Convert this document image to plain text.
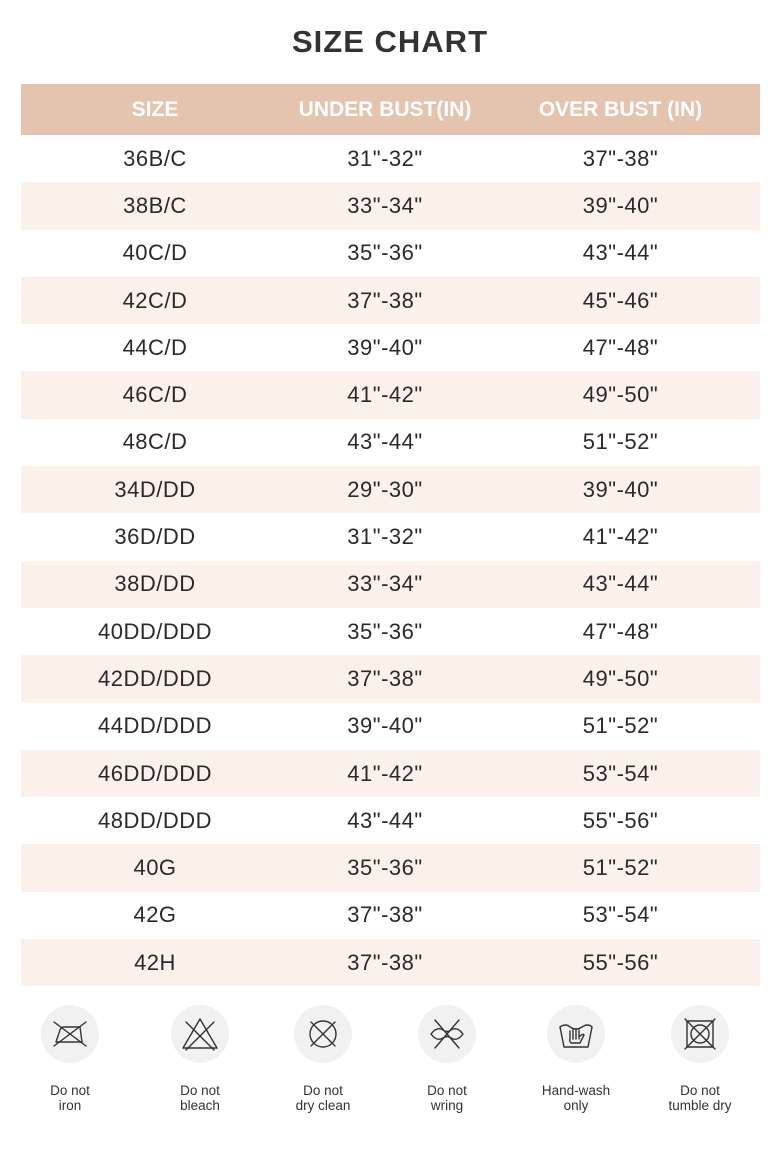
SIZE CHART
SIZE	UNDER BUST(IN)	OVER BUST (IN)
36B/C	31"-32"	37"-38"
38B/C	33"-34"	39"-40"
40C/D	35"-36"	43"-44"
42C/D	37"-38"	45"-46"
44C/D	39"-40"	47"-48"
46C/D	41"-42"	49"-50"
48C/D	43"-44"	51"-52"
34D/DD	29"-30"	39"-40"
36D/DD	31"-32"	41"-42"
38D/DD	33"-34"	43"-44"
40DD/DDD	35"-36"	47"-48"
42DD/DDD	37"-38"	49"-50"
44DD/DDD	39"-40"	51"-52"
46DD/DDD	41"-42"	53"-54"
48DD/DDD	43"-44"	55"-56"
40G	35"-36"	51"-52"
42G	37"-38"	53"-54"
42H	37"-38"	55"-56"
Do not
iron
Do not
bleach
Do not
dry clean
Do not
wring
Hand-wash
only
Do not
tumble dry
